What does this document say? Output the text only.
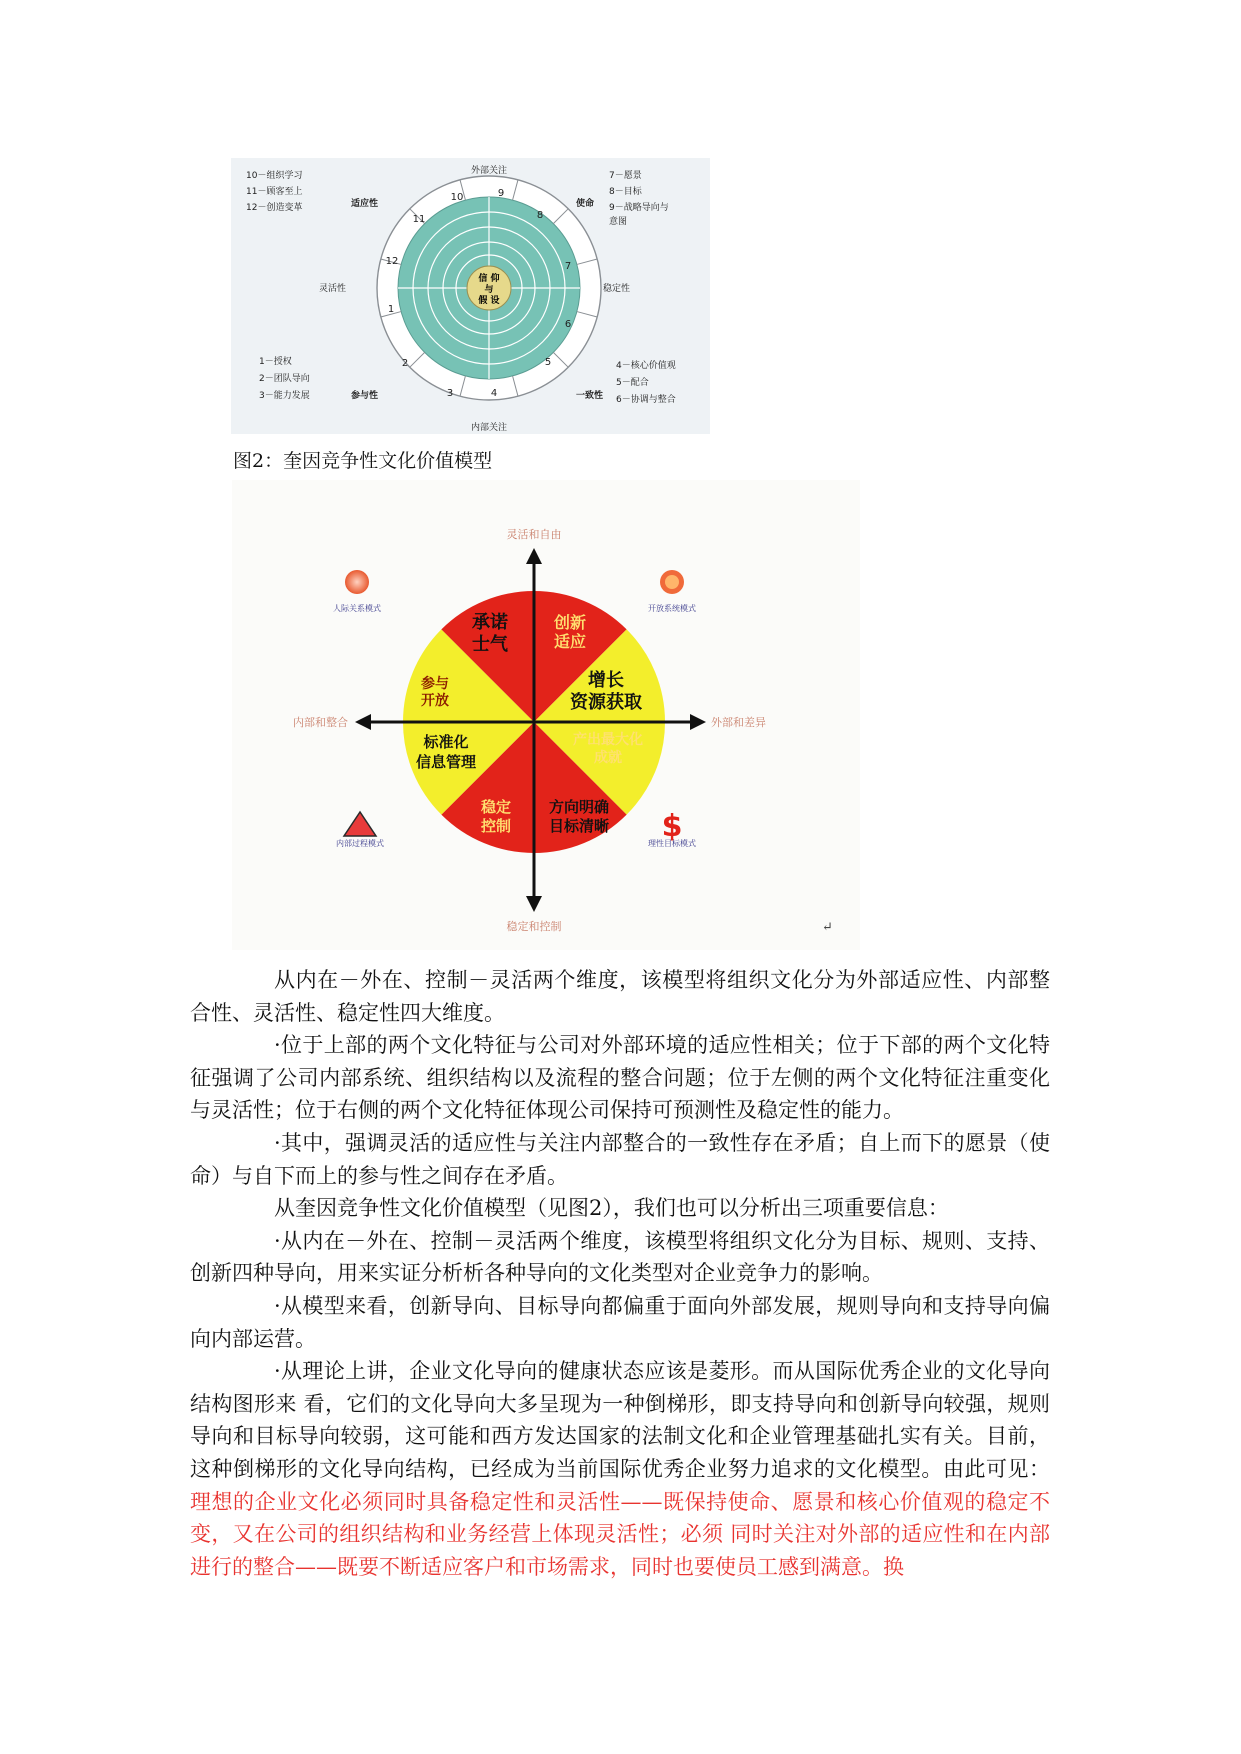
信 仰
与
假 设
1
2
3	4
5
6
7
8
9
10
11
12
外部关注
内部关注
灵活性	稳定性
适应性	使命
参与性	一致性
10－组织学习
11－顾客至上
12－创造变革
7－愿景
8－目标
9－战略导向与
意图
1－授权
2－团队导向
3－能力发展
4－核心价值观
5－配合
6－协调与整合
图2：奎因竞争性文化价值模型
灵活和自由
稳定和控制
内部和整合	外部和差异
人际关系模式	开放系统模式
内部过程模式	理性目标模式
$
承诺
士气
参与
开放
创新
适应
增长
资源获取
标准化
信息管理
稳定
控制
产出最大化
成就
方向明确
目标清晰
↵

从内在－外在、控制－灵活两个维度，该模型将组织文化分为外部适应性、内部整合性、灵活性、稳定性四大维度。

·位于上部的两个文化特征与公司对外部环境的适应性相关；位于下部的两个文化特征强调了公司内部系统、组织结构以及流程的整合问题；位于左侧的两个文化特征注重变化与灵活性；位于右侧的两个文化特征体现公司保持可预测性及稳定性的能力。

·其中，强调灵活的适应性与关注内部整合的一致性存在矛盾；自上而下的愿景（使命）与自下而上的参与性之间存在矛盾。

从奎因竞争性文化价值模型（见图2），我们也可以分析出三项重要信息：

·从内在－外在、控制－灵活两个维度，该模型将组织文化分为目标、规则、支持、创新四种导向，用来实证分析析各种导向的文化类型对企业竞争力的影响。

·从模型来看，创新导向、目标导向都偏重于面向外部发展，规则导向和支持导向偏向内部运营。

·从理论上讲，企业文化导向的健康状态应该是菱形。而从国际优秀企业的文化导向结构图形来 看，它们的文化导向大多呈现为一种倒梯形，即支持导向和创新导向较强，规则导向和目标导向较弱，这可能和西方发达国家的法制文化和企业管理基础扎实有关。目前，这种倒梯形的文化导向结构，已经成为当前国际优秀企业努力追求的文化模型。由此可见：理想的企业文化必须同时具备稳定性和灵活性——既保持使命、愿景和核心价值观的稳定不变，又在公司的组织结构和业务经营上体现灵活性；必须 同时关注对外部的适应性和在内部进行的整合——既要不断适应客户和市场需求，同时也要使员工感到满意。换
